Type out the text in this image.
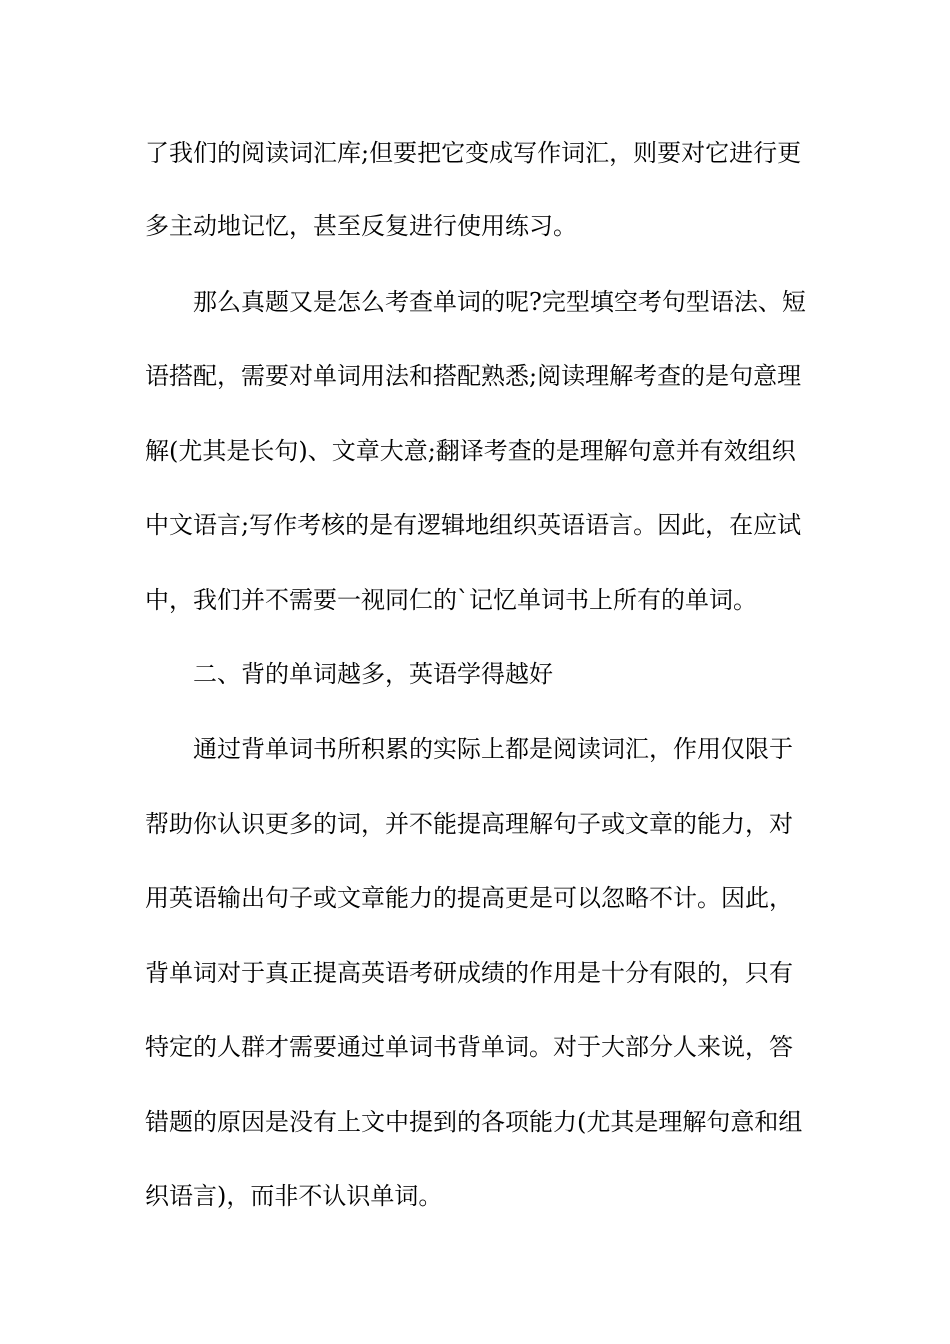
了我们的阅读词汇库;但要把它变成写作词汇，则要对它进行更
多主动地记忆，甚至反复进行使用练习。
那么真题又是怎么考查单词的呢?完型填空考句型语法、短
语搭配，需要对单词用法和搭配熟悉;阅读理解考查的是句意理
解(尤其是长句)、文章大意;翻译考查的是理解句意并有效组织
中文语言;写作考核的是有逻辑地组织英语语言。因此，在应试
中，我们并不需要一视同仁的`记忆单词书上所有的单词。
二、背的单词越多，英语学得越好
通过背单词书所积累的实际上都是阅读词汇，作用仅限于
帮助你认识更多的词，并不能提高理解句子或文章的能力，对
用英语输出句子或文章能力的提高更是可以忽略不计。因此，
背单词对于真正提高英语考研成绩的作用是十分有限的，只有
特定的人群才需要通过单词书背单词。对于大部分人来说，答
错题的原因是没有上文中提到的各项能力(尤其是理解句意和组
织语言)，而非不认识单词。
